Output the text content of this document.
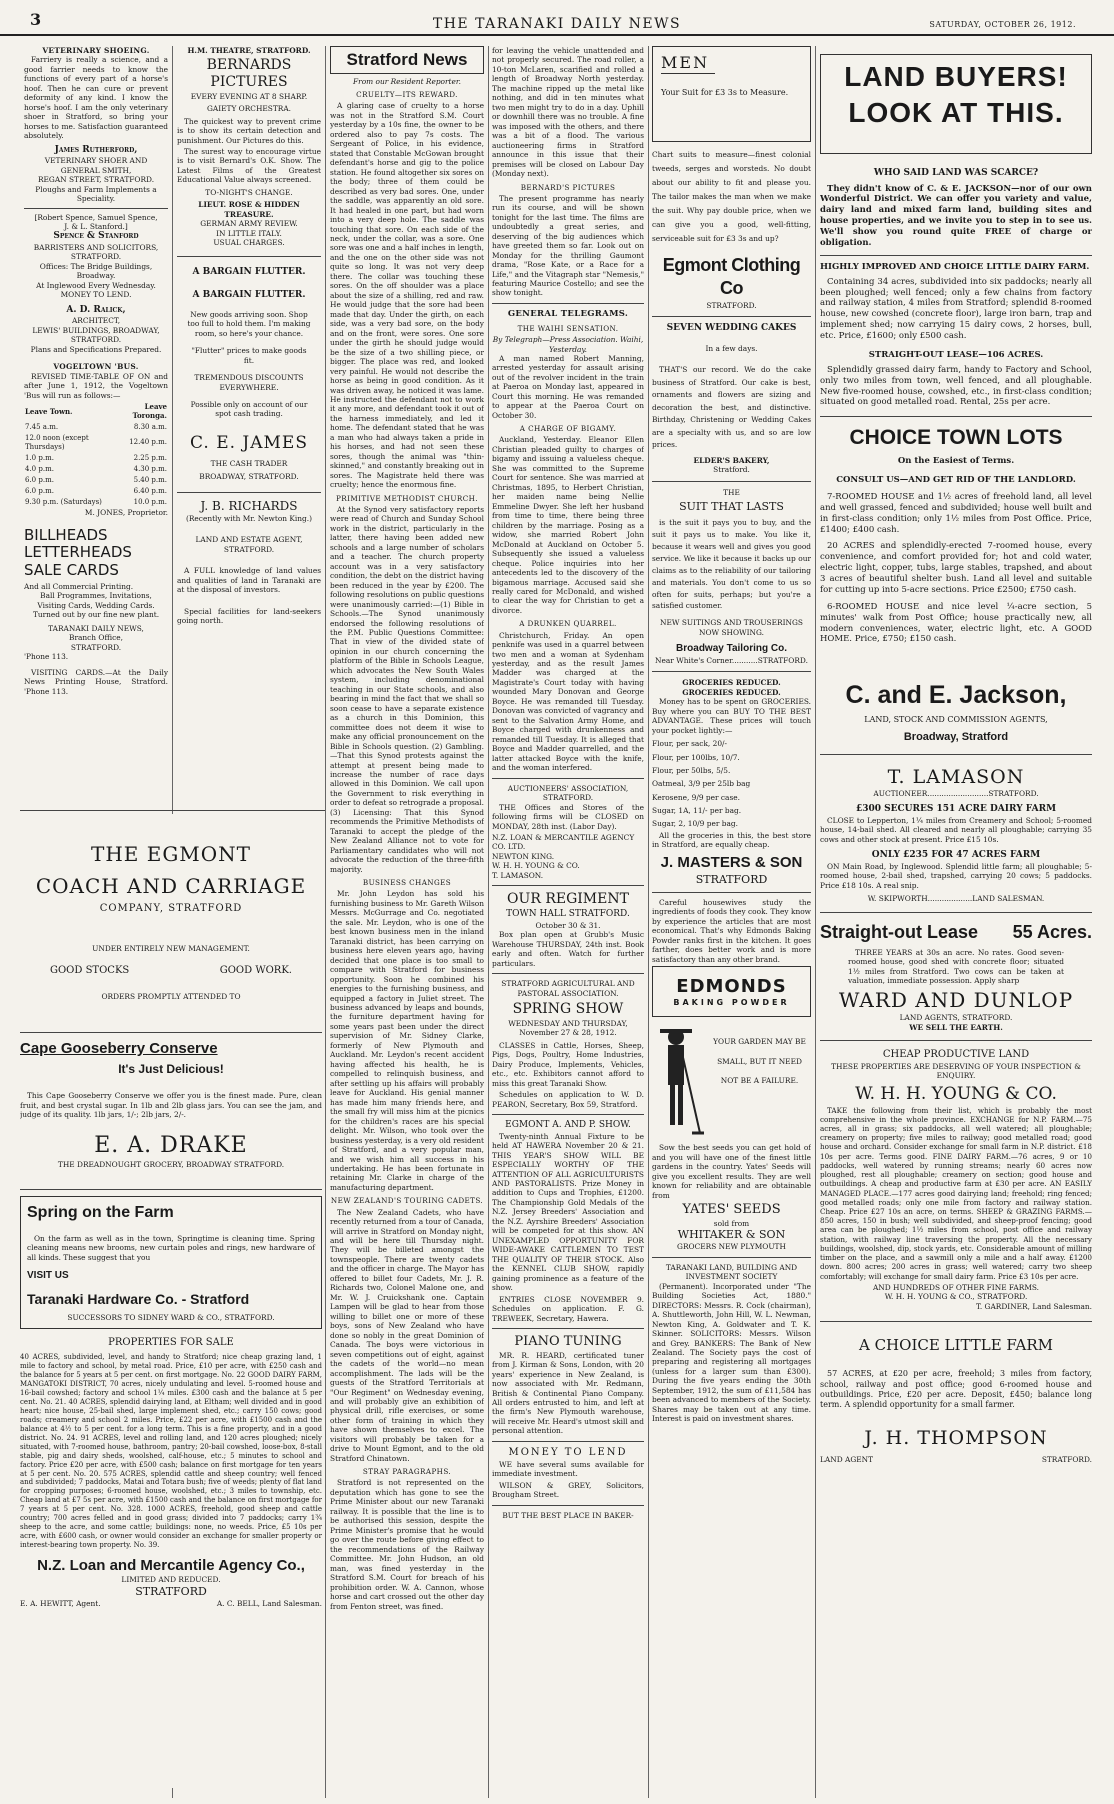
3	THE TARANAKI DAILY NEWS	SATURDAY, OCTOBER 26, 1912.
VETERINARY SHOEING.

Farriery is really a science, and a good farrier needs to know the functions of every part of a horse's hoof. Then he can cure or prevent deformity of any kind. I know the horse's hoof. I am the only veterinary shoer in Stratford, so bring your horses to me. Satisfaction guaranteed absolutely.

James Rutherford,
VETERINARY SHOER AND
GENERAL SMITH,
REGAN STREET, STRATFORD.
Ploughs and Farm Implements a
Speciality.
[Robert Spence, Samuel Spence,
J. & L. Stanford.]
Spence & Stanford
BARRISTERS AND SOLICITORS,
STRATFORD.
Offices: The Bridge Buildings,
Broadway.
At Inglewood Every Wednesday.
MONEY TO LEND.
A. D. Ralick,
ARCHITECT,
LEWIS' BUILDINGS, BROADWAY,
STRATFORD.
Plans and Specifications Prepared.
VOGELTOWN 'BUS.

REVISED TIME-TABLE OF ON and after June 1, 1912, the Vogeltown 'Bus will run as follows:—

Leave Town.	Leave Toronga.
7.45 a.m.	8.30 a.m.
12.0 noon (except Thursdays)	12.40 p.m.
1.0 p.m.	2.25 p.m.
4.0 p.m.	4.30 p.m.
6.0 p.m.	5.40 p.m.
6.0 p.m.	6.40 p.m.
9.30 p.m. (Saturdays)	10.0 p.m.
M. JONES, Proprietor.
BILLHEADS
LETTERHEADS
SALE CARDS
And all Commercial Printing.
Ball Programmes, Invitations,
Visiting Cards, Wedding Cards.
Turned out by our fine new plant.
TARANAKI DAILY NEWS,
Branch Office,
STRATFORD.
'Phone 113.

VISITING CARDS.—At the Daily News Printing House, Stratford. 'Phone 113.

H.M. THEATRE, STRATFORD.
BERNARDS PICTURES
EVERY EVENING AT 8 SHARP.
GAIETY ORCHESTRA.

The quickest way to prevent crime is to show its certain detection and punishment. Our Pictures do this.

The surest way to encourage virtue is to visit Bernard's O.K. Show. The Latest Films of the Greatest Educational Value always screened.

TO-NIGHT'S CHANGE.
LIEUT. ROSE & HIDDEN TREASURE.
GERMAN ARMY REVIEW.
IN LITTLE ITALY.
USUAL CHARGES.
A BARGAIN FLUTTER.
A BARGAIN FLUTTER.
New goods arriving soon. Shop too full to hold them. I'm making room, so here's your chance.
"Flutter" prices to make goods fit.
TREMENDOUS DISCOUNTS EVERYWHERE.
Possible only on account of our spot cash trading.
C. E. JAMES
THE CASH TRADER
BROADWAY, STRATFORD.
J. B. RICHARDS
(Recently with Mr. Newton King.)
LAND AND ESTATE AGENT, STRATFORD.

A FULL knowledge of land values and qualities of land in Taranaki are at the disposal of investors.

Special facilities for land-seekers going north.

Stratford News
From our Resident Reporter.
CRUELTY—ITS REWARD.

A glaring case of cruelty to a horse was not in the Stratford S.M. Court yesterday by a 10s fine, the owner to be ordered also to pay 7s costs. The Sergeant of Police, in his evidence, stated that Constable McGowan brought defendant's horse and gig to the police station. He found altogether six sores on the body; three of them could be described as very bad sores. One, under the saddle, was apparently an old sore. It had healed in one part, but had worn into a very deep hole. The saddle was touching that sore. On each side of the neck, under the collar, was a sore. One sore was one and a half inches in length, and the one on the other side was not quite so long. It was not very deep there. The collar was touching these sores. On the off shoulder was a place about the size of a shilling, red and raw. He would judge that the sore had been made that day. Under the girth, on each side, was a very bad sore, on the body and on the front, were sores. One sore under the girth he should judge would be the size of a two shilling piece, or bigger. The place was red, and looked very painful. He would not describe the horse as being in good condition. As it was driven away, he noticed it was lame. He instructed the defendant not to work it any more, and defendant took it out of the harness immediately, and led it home. The defendant stated that he was a man who had always taken a pride in his horses, and had not seen these sores, though the animal was "thin-skinned," and constantly breaking out in sores. The Magistrate held there was cruelty; hence the enormous fine.

PRIMITIVE METHODIST CHURCH.

At the Synod very satisfactory reports were read of Church and Sunday School work in the district, particularly in the latter, there having been added new schools and a large number of scholars and a teacher. The church property account was in a very satisfactory condition, the debt on the district having been reduced in the year by £200. The following resolutions on public questions were unanimously carried:—(1) Bible in Schools.—The Synod unanimously endorsed the following resolutions of the P.M. Public Questions Committee: That in view of the divided state of opinion in our church concerning the platform of the Bible in Schools League, which advocates the New South Wales system, including denominational teaching in our State schools, and also bearing in mind the fact that we shall so soon cease to have a separate existence as a church in this Dominion, this committee does not deem it wise to make any official pronouncement on the Bible in Schools question. (2) Gambling.—That this Synod protests against the attempt at present being made to increase the number of race days allowed in this Dominion. We call upon the Government to risk everything in order to defeat so retrograde a proposal. (3) Licensing: That this Synod recommends the Primitive Methodists of Taranaki to accept the pledge of the New Zealand Alliance not to vote for Parliamentary candidates who will not advocate the reduction of the three-fifth majority.

BUSINESS CHANGES

Mr. John Leydon has sold his furnishing business to Mr. Gareth Wilson Messrs. McGurrage and Co. negotiated the sale. Mr. Leydon, who is one of the best known business men in the inland Taranaki district, has been carrying on business here eleven years ago, having decided that one place is too small to compare with Stratford for business opportunity. Soon he combined his energies to the furnishing business, and equipped a factory in Juliet street. The business advanced by leaps and bounds, the furniture department having for some years past been under the direct supervision of Mr. Sidney Clarke, formerly of New Plymouth and Auckland. Mr. Leydon's recent accident having affected his health, he is compelled to relinquish business, and after settling up his affairs will probably leave for Auckland. His genial manner has made him many friends here, and the small fry will miss him at the picnics for the children's races are his special delight. Mr. Wilson, who took over the business yesterday, is a very old resident of Stratford, and a very popular man, and we wish him all success in his undertaking. He has been fortunate in retaining Mr. Clarke in charge of the manufacturing department.

NEW ZEALAND'S TOURING CADETS.

The New Zealand Cadets, who have recently returned from a tour of Canada, will arrive in Stratford on Monday night, and will be here till Thursday night. They will be billeted amongst the townspeople. There are twenty cadets and the officer in charge. The Mayor has offered to billet four Cadets, Mr. J. R. Richards two, Colonel Malone one, and Mr. W. J. Cruickshank one. Captain Lampen will be glad to hear from those willing to billet one or more of these boys, sons of New Zealand who have done so nobly in the great Dominion of Canada. The boys were victorious in seven competitions out of eight, against the cadets of the world—no mean accomplishment. The lads will be the guests of the Stratford Territorials at "Our Regiment" on Wednesday evening, and will probably give an exhibition of physical drill, rifle exercises, or some other form of training in which they have shown themselves to excel. The visitors will probably be taken for a drive to Mount Egmont, and to the old Stratford Chinatown.

STRAY PARAGRAPHS.

Stratford is not represented on the deputation which has gone to see the Prime Minister about our new Taranaki railway. It is possible that the line is to be authorised this session, despite the Prime Minister's promise that he would go over the route before giving effect to the recommendations of the Railway Committee. Mr. John Hudson, an old man, was fined yesterday in the Stratford S.M. Court for breach of his prohibition order. W. A. Cannon, whose horse and cart crossed out the other day from Fenton street, was fined.

for leaving the vehicle unattended and not properly secured. The road roller, a 10-ton McLaren, scarified and rolled a length of Broadway North yesterday. The machine ripped up the metal like nothing, and did in ten minutes what two men might try to do in a day. Uphill or downhill there was no trouble. A fine was imposed with the others, and there was a bit of a flood. The various auctioneering firms in Stratford announce in this issue that their premises will be closed on Labour Day (Monday next).

BERNARD'S PICTURES

The present programme has nearly run its course, and will be shown tonight for the last time. The films are undoubtedly a great series, and deserving of the big audiences which have greeted them so far. Look out on Monday for the thrilling Gaumont drama, "Rose Kate, or a Race for a Life," and the Vitagraph star "Nemesis," featuring Maurice Costello; and see the show tonight.

GENERAL TELEGRAMS.
THE WAIHI SENSATION.
By Telegraph—Press Association. Waihi, Yesterday.

A man named Robert Manning, arrested yesterday for assault arising out of the revolver incident in the train at Paeroa on Monday last, appeared in Court this morning. He was remanded to appear at the Paeroa Court on October 30.

A CHARGE OF BIGAMY.

Auckland, Yesterday. Eleanor Ellen Christian pleaded guilty to charges of bigamy and issuing a valueless cheque. She was committed to the Supreme Court for sentence. She was married at Christmas, 1895, to Herbert Christian, her maiden name being Nellie Emmeline Dwyer. She left her husband from time to time, there being three children by the marriage. Posing as a widow, she married Robert John McDonald at Auckland on October 5. Subsequently she issued a valueless cheque. Police inquiries into her antecedents led to the discovery of the bigamous marriage. Accused said she really cared for McDonald, and wished to clear the way for Christian to get a divorce.

A DRUNKEN QUARREL.

Christchurch, Friday. An open penknife was used in a quarrel between two men and a woman at Sydenham yesterday, and as the result James Madder was charged at the Magistrate's Court today with having wounded Mary Donovan and George Boyce. He was remanded till Tuesday. Donovan was convicted of vagrancy and sent to the Salvation Army Home, and Boyce charged with drunkenness and remanded till Tuesday. It is alleged that Boyce and Madder quarrelled, and the latter attacked Boyce with the knife, and the woman interfered.

AUCTIONEERS' ASSOCIATION, STRATFORD.

THE Offices and Stores of the following firms will be CLOSED on MONDAY, 28th inst. (Labor Day).

N.Z. LOAN & MERCANTILE AGENCY CO. LTD.
NEWTON KING.
W. H. H. YOUNG & CO.
T. LAMASON.
OUR REGIMENT
TOWN HALL STRATFORD.
October 30 & 31.

Box plan open at Grubb's Music Warehouse THURSDAY, 24th inst. Book early and often. Watch for further particulars.

STRATFORD AGRICULTURAL AND PASTORAL ASSOCIATION.
SPRING SHOW
WEDNESDAY AND THURSDAY,
November 27 & 28, 1912.

CLASSES in Cattle, Horses, Sheep, Pigs, Dogs, Poultry, Home Industries, Dairy Produce, Implements, Vehicles, etc., etc. Exhibitors cannot afford to miss this great Taranaki Show.

Schedules on application to W. D. PEARON, Secretary, Box 59, Stratford.

EGMONT A. AND P. SHOW.

Twenty-ninth Annual Fixture to be held AT HAWERA November 20 & 21. THIS YEAR'S SHOW WILL BE ESPECIALLY WORTHY OF THE ATTENTION OF ALL AGRICULTURISTS AND PASTORALISTS. Prize Money in addition to Cups and Trophies, £1200. The Championship Gold Medals of the N.Z. Jersey Breeders' Association and the N.Z. Ayrshire Breeders' Association will be competed for at this show. AN UNEXAMPLED OPPORTUNITY FOR WIDE-AWAKE CATTLEMEN TO TEST THE QUALITY OF THEIR STOCK. Also the KENNEL CLUB SHOW, rapidly gaining prominence as a feature of the show.

ENTRIES CLOSE NOVEMBER 9. Schedules on application. F. G. TREWEEK, Secretary, Hawera.

PIANO TUNING

MR. R. HEARD, certificated tuner from J. Kirman & Sons, London, with 20 years' experience in New Zealand, is now associated with Mr. Redmann, British & Continental Piano Company. All orders entrusted to him, and left at the firm's New Plymouth warehouse, will receive Mr. Heard's utmost skill and personal attention.

MONEY TO LEND

WE have several sums available for immediate investment.

WILSON & GREY, Solicitors, Brougham Street.

BUT THE BEST PLACE IN BAKER-
MEN
Your Suit for £3 3s to Measure.

Chart suits to measure—finest colonial tweeds, serges and worsteds. No doubt about our ability to fit and please you. The tailor makes the man when we make the suit. Why pay double price, when we can give you a good, well-fitting, serviceable suit for £3 3s and up?

Egmont Clothing Co
STRATFORD.
SEVEN WEDDING CAKES
In a few days.

THAT'S our record. We do the cake business of Stratford. Our cake is best, ornaments and flowers are sizing and decoration the best, and distinctive. Birthday, Christening or Wedding Cakes are a specialty with us, and so are low prices.

ELDER'S BAKERY,
Stratford.
THE
SUIT THAT LASTS

is the suit it pays you to buy, and the suit it pays us to make. You like it, because it wears well and gives you good service. We like it because it backs up our claims as to the reliability of our tailoring and materials. You don't come to us so often for suits, perhaps; but you're a satisfied customer.

NEW SUITINGS AND TROUSERINGS NOW SHOWING.
Broadway Tailoring Co.
Near White's Corner...........STRATFORD.
GROCERIES REDUCED.
GROCERIES REDUCED.

Money has to be spent on GROCERIES. Buy where you can BUY TO THE BEST ADVANTAGE. These prices will touch your pocket lightly:—

Flour, per sack, 20/-
Flour, per 100lbs, 10/7.
Flour, per 50lbs, 5/5.
Oatmeal, 3/9 per 25lb bag
Kerosene, 9/9 per case.
Sugar, 1A, 11/- per bag.
Sugar, 2, 10/9 per bag.

All the groceries in this, the best store in Stratford, are equally cheap.

J. MASTERS & SON
STRATFORD

Careful housewives study the ingredients of foods they cook. They know by experience the articles that are most economical. That's why Edmonds Baking Powder ranks first in the kitchen. It goes farther, does better work and is more satisfactory than any other brand.

EDMONDS
BAKING POWDER
YOUR GARDEN MAY BE
SMALL, BUT IT NEED
NOT BE A FAILURE.

Sow the best seeds you can get hold of and you will have one of the finest little gardens in the country. Yates' Seeds will give you excellent results. They are well known for reliability and are obtainable from

YATES' SEEDS
sold from
WHITAKER & SON
GROCERS NEW PLYMOUTH
TARANAKI LAND, BUILDING AND INVESTMENT SOCIETY

(Permanent). Incorporated under "The Building Societies Act, 1880." DIRECTORS: Messrs. R. Cock (chairman), A. Shuttleworth, John Hill, W. L. Newman, Newton King, A. Goldwater and T. K. Skinner. SOLICITORS: Messrs. Wilson and Grey. BANKERS: The Bank of New Zealand. The Society pays the cost of preparing and registering all mortgages (unless for a larger sum than £300). During the five years ending the 30th September, 1912, the sum of £11,584 has been advanced to members of the Society. Shares may be taken out at any time. Interest is paid on investment shares.

LAND BUYERS!
LOOK AT THIS.
WHO SAID LAND WAS SCARCE?

They didn't know of C. & E. JACKSON—nor of our own Wonderful District. We can offer you variety and value, dairy land and mixed farm land, building sites and house properties, and we invite you to step in to see us. We'll show you round quite FREE of charge or obligation.

HIGHLY IMPROVED AND CHOICE LITTLE DAIRY FARM.

Containing 34 acres, subdivided into six paddocks; nearly all been ploughed; well fenced; only a few chains from factory and railway station, 4 miles from Stratford; splendid 8-roomed house, new cowshed (concrete floor), large iron barn, trap and implement shed; now carrying 15 dairy cows, 2 horses, bull, etc. Price, £1600; only £500 cash.

STRAIGHT-OUT LEASE—106 ACRES.

Splendidly grassed dairy farm, handy to Factory and School, only two miles from town, well fenced, and all ploughable. New five-roomed house, cowshed, etc., in first-class condition; situated on good metalled road. Rental, 25s per acre.

CHOICE TOWN LOTS
On the Easiest of Terms.
CONSULT US—AND GET RID OF THE LANDLORD.

7-ROOMED HOUSE and 1½ acres of freehold land, all level and well grassed, fenced and subdivided; house well built and in first-class condition; only 1½ miles from Post Office. Price, £1400; £400 cash.

20 ACRES and splendidly-erected 7-roomed house, every convenience, and comfort provided for; hot and cold water, electric light, copper, tubs, large stables, trapshed, and about 3 acres of beautiful shelter bush. Land all level and suitable for cutting up into 5-acre sections. Price £2500; £750 cash.

6-ROOMED HOUSE and nice level ¼-acre section, 5 minutes' walk from Post Office; house practically new, all modern conveniences, water, electric light, etc. A GOOD HOME. Price, £750; £150 cash.

C. and E. Jackson,
LAND, STOCK AND COMMISSION AGENTS,
Broadway, Stratford
T. LAMASON
AUCTIONEER..........................STRATFORD.
£300 SECURES 151 ACRE DAIRY FARM

CLOSE to Lepperton, 1¼ miles from Creamery and School; 5-roomed house, 14-bail shed. All cleared and nearly all ploughable; carrying 35 cows and other stock at present. Price £15 10s.

ONLY £235 FOR 47 ACRES FARM

ON Main Road, by Inglewood. Splendid little farm; all ploughable; 5-roomed house, 2-bail shed, trapshed, carrying 20 cows; 5 paddocks. Price £18 10s. A real snip.

W. SKIPWORTH...................LAND SALESMAN.
Straight-out Lease 55 Acres.

THREE YEARS at 30s an acre. No rates. Good seven-roomed house, good shed with concrete floor; situated 1½ miles from Stratford. Two cows can be taken at valuation, immediate possession. Apply sharp

WARD AND DUNLOP
LAND AGENTS, STRATFORD.
WE SELL THE EARTH.
CHEAP PRODUCTIVE LAND
THESE PROPERTIES ARE DESERVING OF YOUR INSPECTION & ENQUIRY.
W. H. H. YOUNG & CO.

TAKE the following from their list, which is probably the most comprehensive in the whole province. EXCHANGE for N.P. FARM.—75 acres, all in grass; six paddocks, all well watered; all ploughable; creamery on property; five miles to railway; good metalled road; good house and orchard. Consider exchange for small farm in N.P. district. £18 10s per acre. Terms good. FINE DAIRY FARM.—76 acres, 9 or 10 paddocks, well watered by running streams; nearly 60 acres now ploughed, rest all ploughable; creamery on section; good house and outbuildings. A cheap and productive farm at £30 per acre. AN EASILY MANAGED PLACE.—177 acres good dairying land; freehold; ring fenced; good metalled roads; only one mile from factory and railway station. Cheap. Price £27 10s an acre, on terms. SHEEP & GRAZING FARMS.—850 acres, 150 in bush; well subdivided, and sheep-proof fencing; good area can be ploughed; 1½ miles from school, post office and railway station, with railway line traversing the property. All the necessary buildings, woolshed, dip, stock yards, etc. Considerable amount of milling timber on the place, and a sawmill only a mile and a half away. £1200 down. 800 acres; 200 acres in grass; well watered; carry two sheep comfortably; will exchange for small dairy farm. Price £3 10s per acre.

AND HUNDREDS OF OTHER FINE FARMS.
W. H. H. YOUNG & CO., STRATFORD.
T. GARDINER, Land Salesman.
A CHOICE LITTLE FARM

57 ACRES, at £20 per acre, freehold; 3 miles from factory, school, railway and post office; good 6-roomed house and outbuildings. Price, £20 per acre. Deposit, £450; balance long term. A splendid opportunity for a small farmer.

J. H. THOMPSON
LAND AGENT	STRATFORD.
THE EGMONT
COACH AND CARRIAGE
COMPANY, STRATFORD
UNDER ENTIRELY NEW MANAGEMENT.
GOOD STOCKS	GOOD WORK.
ORDERS PROMPTLY ATTENDED TO
Cape Gooseberry Conserve
It's Just Delicious!

This Cape Gooseberry Conserve we offer you is the finest made. Pure, clean fruit, and best crystal sugar. In 1lb and 2lb glass jars. You can see the jam, and judge of its quality. 1lb jars, 1/-; 2lb jars, 2/-.

E. A. DRAKE
THE DREADNOUGHT GROCERY, BROADWAY STRATFORD.
Spring on the Farm

On the farm as well as in the town, Springtime is cleaning time. Spring cleaning means new brooms, new curtain poles and rings, new hardware of all kinds. These suggest that you

VISIT US
Taranaki Hardware Co. - Stratford
SUCCESSORS TO SIDNEY WARD & CO., STRATFORD.
PROPERTIES FOR SALE

40 ACRES, subdivided, level, and handy to Stratford; nice cheap grazing land, 1 mile to factory and school, by metal road. Price, £10 per acre, with £250 cash and the balance for 5 years at 5 per cent. on first mortgage. No. 22 GOOD DAIRY FARM, MANGATOKI DISTRICT, 70 acres, nicely undulating and level. 5-roomed house and 16-bail cowshed; factory and school 1¼ miles. £300 cash and the balance at 5 per cent. No. 21. 40 ACRES, splendid dairying land, at Eltham; well divided and in good heart; nice house, 25-bail shed, large implement shed, etc.; carry 150 cows; good roads; creamery and school 2 miles. Price, £22 per acre, with £1500 cash and the balance at 4½ to 5 per cent. for a long term. This is a fine property, and in a good district. No. 24. 91 ACRES, level and rolling land, and 120 acres ploughed; nicely situated, with 7-roomed house, bathroom, pantry; 20-bail cowshed, loose-box, 8-stall stable, pig and dairy sheds, woolshed, calf-house, etc.; 5 minutes to school and factory. Price £20 per acre, with £500 cash; balance on first mortgage for ten years at 5 per cent. No. 20. 575 ACRES, splendid cattle and sheep country; well fenced and subdivided; 7 paddocks, Matai and Totara bush; five of weeds; plenty of flat land for cropping purposes; 6-roomed house, woolshed, etc.; 3 miles to township, etc. Cheap land at £7 5s per acre, with £1500 cash and the balance on first mortgage for 7 years at 5 per cent. No. 328. 1000 ACRES, freehold, good sheep and cattle country; 700 acres felled and in good grass; divided into 7 paddocks; carry 1¾ sheep to the acre, and some cattle; buildings: none, no weeds. Price, £5 10s per acre, with £600 cash, or owner would consider an exchange for smaller property or interest-bearing town property. No. 39.

N.Z. Loan and Mercantile Agency Co.,
LIMITED AND REDUCED.
STRATFORD
E. A. HEWITT, Agent.	A. C. BELL, Land Salesman.
